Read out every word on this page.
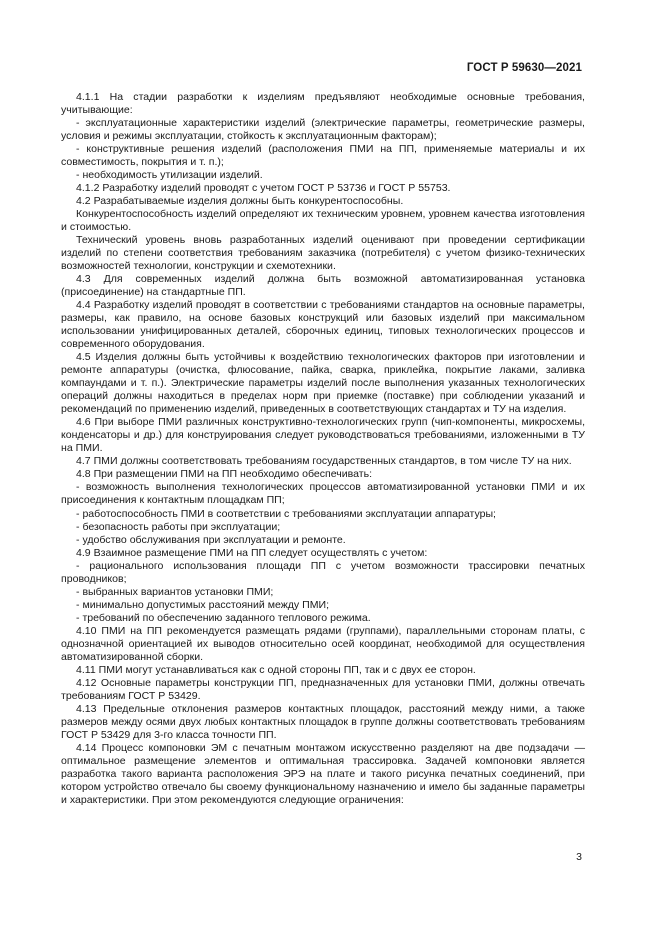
ГОСТ Р 59630—2021

4.1.1 На стадии разработки к изделиям предъявляют необходимые основные требования, учитывающие:

- эксплуатационные характеристики изделий (электрические параметры, геометрические размеры, условия и режимы эксплуатации, стойкость к эксплуатационным факторам);

- конструктивные решения изделий (расположения ПМИ на ПП, применяемые материалы и их совместимость, покрытия и т. п.);

- необходимость утилизации изделий.

4.1.2 Разработку изделий проводят с учетом ГОСТ Р 53736 и ГОСТ Р 55753.

4.2 Разрабатываемые изделия должны быть конкурентоспособны.

Конкурентоспособность изделий определяют их техническим уровнем, уровнем качества изготовления и стоимостью.

Технический уровень вновь разработанных изделий оценивают при проведении сертификации изделий по степени соответствия требованиям заказчика (потребителя) с учетом физико-технических возможностей технологии, конструкции и схемотехники.

4.3 Для современных изделий должна быть возможной автоматизированная установка (присоединение) на стандартные ПП.

4.4 Разработку изделий проводят в соответствии с требованиями стандартов на основные параметры, размеры, как правило, на основе базовых конструкций или базовых изделий при максимальном использовании унифицированных деталей, сборочных единиц, типовых технологических процессов и современного оборудования.

4.5 Изделия должны быть устойчивы к воздействию технологических факторов при изготовлении и ремонте аппаратуры (очистка, флюсование, пайка, сварка, приклейка, покрытие лаками, заливка компаундами и т. п.). Электрические параметры изделий после выполнения указанных технологических операций должны находиться в пределах норм при приемке (поставке) при соблюдении указаний и рекомендаций по применению изделий, приведенных в соответствующих стандартах и ТУ на изделия.

4.6 При выборе ПМИ различных конструктивно-технологических групп (чип-компоненты, микросхемы, конденсаторы и др.) для конструирования следует руководствоваться требованиями, изложенными в ТУ на ПМИ.

4.7 ПМИ должны соответствовать требованиям государственных стандартов, в том числе ТУ на них.

4.8 При размещении ПМИ на ПП необходимо обеспечивать:

- возможность выполнения технологических процессов автоматизированной установки ПМИ и их присоединения к контактным площадкам ПП;

- работоспособность ПМИ в соответствии с требованиями эксплуатации аппаратуры;

- безопасность работы при эксплуатации;

- удобство обслуживания при эксплуатации и ремонте.

4.9 Взаимное размещение ПМИ на ПП следует осуществлять с учетом:

- рационального использования площади ПП с учетом возможности трассировки печатных проводников;

- выбранных вариантов установки ПМИ;

- минимально допустимых расстояний между ПМИ;

- требований по обеспечению заданного теплового режима.

4.10 ПМИ на ПП рекомендуется размещать рядами (группами), параллельными сторонам платы, с однозначной ориентацией их выводов относительно осей координат, необходимой для осуществления автоматизированной сборки.

4.11 ПМИ могут устанавливаться как с одной стороны ПП, так и с двух ее сторон.

4.12 Основные параметры конструкции ПП, предназначенных для установки ПМИ, должны отвечать требованиям ГОСТ Р 53429.

4.13 Предельные отклонения размеров контактных площадок, расстояний между ними, а также размеров между осями двух любых контактных площадок в группе должны соответствовать требованиям ГОСТ Р 53429 для 3-го класса точности ПП.

4.14 Процесс компоновки ЭМ с печатным монтажом искусственно разделяют на две подзадачи — оптимальное размещение элементов и оптимальная трассировка. Задачей компоновки является разработка такого варианта расположения ЭРЭ на плате и такого рисунка печатных соединений, при котором устройство отвечало бы своему функциональному назначению и имело бы заданные параметры и характеристики. При этом рекомендуются следующие ограничения:

3
